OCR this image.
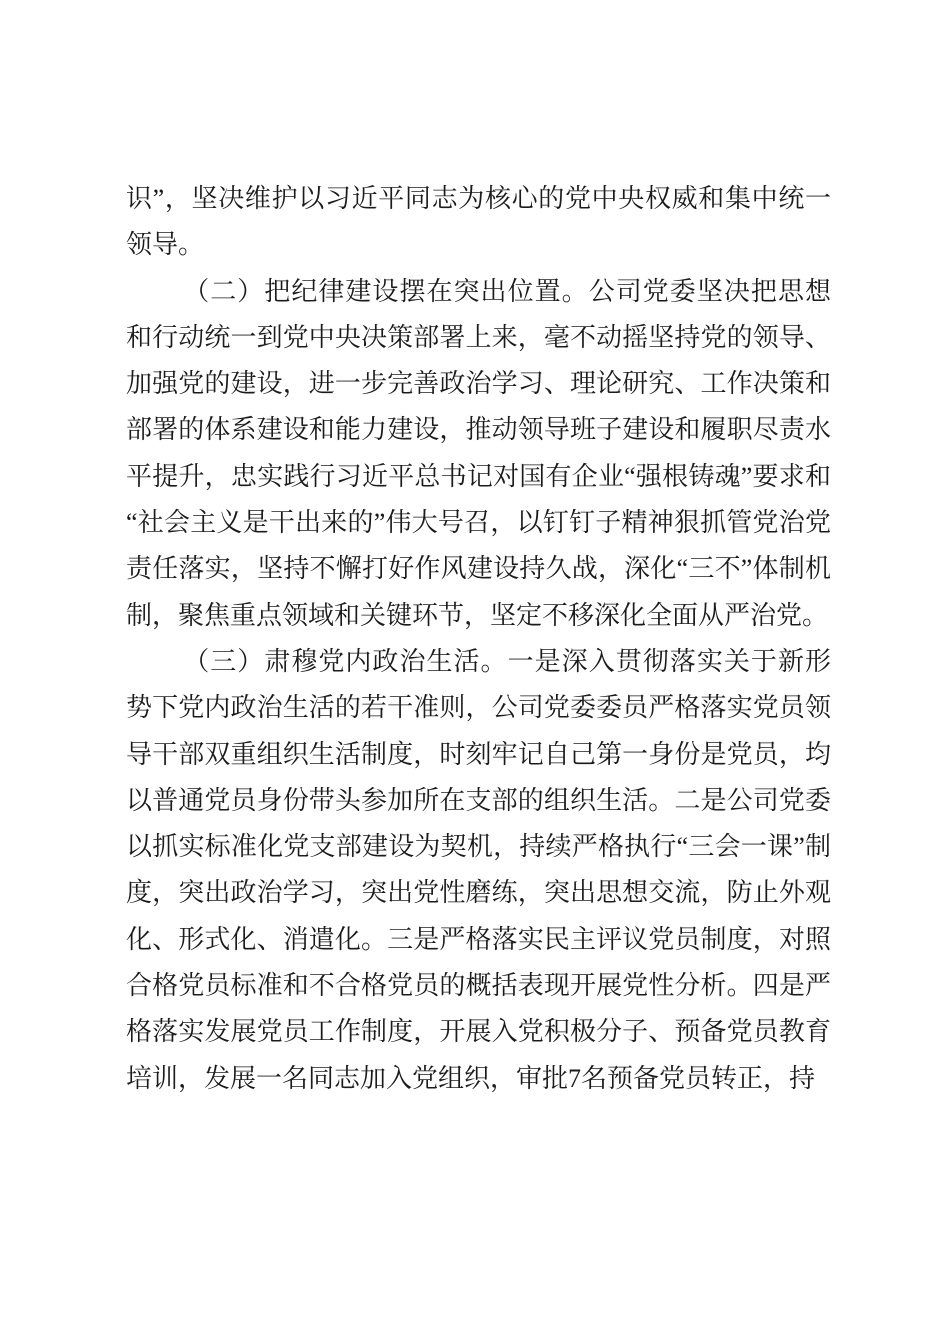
识”，坚决维护以习近平同志为核心的党中央权威和集中统一领导。

（二）把纪律建设摆在突出位置。公司党委坚决把思想和行动统一到党中央决策部署上来，毫不动摇坚持党的领导、加强党的建设，进一步完善政治学习、理论研究、工作决策和部署的体系建设和能力建设，推动领导班子建设和履职尽责水平提升，忠实践行习近平总书记对国有企业“强根铸魂”要求和“社会主义是干出来的”伟大号召，以钉钉子精神狠抓管党治党责任落实，坚持不懈打好作风建设持久战，深化“三不”体制机制，聚焦重点领域和关键环节，坚定不移深化全面从严治党。

（三）肃穆党内政治生活。一是深入贯彻落实关于新形势下党内政治生活的若干准则，公司党委委员严格落实党员领导干部双重组织生活制度，时刻牢记自己第一身份是党员，均以普通党员身份带头参加所在支部的组织生活。二是公司党委以抓实标准化党支部建设为契机，持续严格执行“三会一课”制度，突出政治学习，突出党性磨练，突出思想交流，防止外观化、形式化、消遣化。三是严格落实民主评议党员制度，对照合格党员标准和不合格党员的概括表现开展党性分析。四是严格落实发展党员工作制度，开展入党积极分子、预备党员教育培训，发展一名同志加入党组织，审批7名预备党员转正，持
